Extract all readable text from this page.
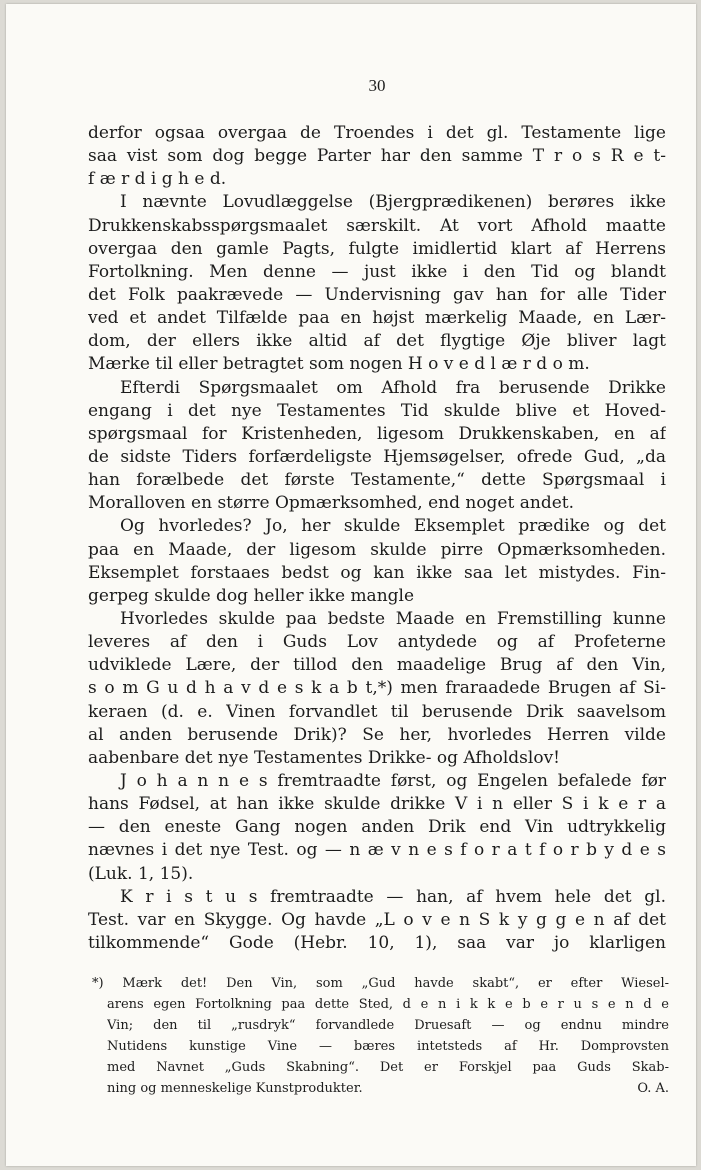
30
derfor ogsaa overgaa de Troendes i det gl. Testamente lige
saa vist som dog begge Parter har den samme T r o s R e t-
f æ r d i g h e d.
I nævnte Lovudlæggelse (Bjergprædikenen) berøres ikke
Drukkenskabsspørgsmaalet særskilt. At vort Afhold maatte
overgaa den gamle Pagts, fulgte imidlertid klart af Herrens
Fortolkning. Men denne — just ikke i den Tid og blandt
det Folk paakrævede — Undervisning gav han for alle Tider
ved et andet Tilfælde paa en højst mærkelig Maade, en Lær-
dom, der ellers ikke altid af det flygtige Øje bliver lagt
Mærke til eller betragtet som nogen H o v e d l æ r d o m.
Efterdi Spørgsmaalet om Afhold fra berusende Drikke
engang i det nye Testamentes Tid skulde blive et Hoved-
spørgsmaal for Kristenheden, ligesom Drukkenskaben, en af
de sidste Tiders forfærdeligste Hjemsøgelser, ofrede Gud, „da
han forælbede det første Testamente,“ dette Spørgsmaal i
Moralloven en større Opmærksomhed, end noget andet.
Og hvorledes? Jo, her skulde Eksemplet prædike og det
paa en Maade, der ligesom skulde pirre Opmærksomheden.
Eksemplet forstaaes bedst og kan ikke saa let mistydes. Fin-
gerpeg skulde dog heller ikke mangle
Hvorledes skulde paa bedste Maade en Fremstilling kunne
leveres af den i Guds Lov antydede og af Profeterne
udviklede Lære, der tillod den maadelige Brug af den Vin,
s o m G u d h a v d e s k a b t,*) men fraraadede Brugen af Si-
keraen (d. e. Vinen forvandlet til berusende Drik saavelsom
al anden berusende Drik)? Se her, hvorledes Herren vilde
aabenbare det nye Testamentes Drikke- og Afholdslov!
J o h a n n e s fremtraadte først, og Engelen befalede før
hans Fødsel, at han ikke skulde drikke V i n eller S i k e r a
— den eneste Gang nogen anden Drik end Vin udtrykkelig
nævnes i det nye Test. og — n æ v n e s f o r a t f o r b y d e s
(Luk. 1, 15).
K r i s t u s fremtraadte — han, af hvem hele det gl.
Test. var en Skygge. Og havde „L o v e n S k y g g e n af det
tilkommende“ Gode (Hebr. 10, 1), saa var jo klarligen
*) Mærk det! Den Vin, som „Gud havde skabt“, er efter Wiesel-
arens egen Fortolkning paa dette Sted, d e n i k k e b e r u s e n d e
Vin; den til „rusdryk“ forvandlede Druesaft — og endnu mindre
Nutidens kunstige Vine — bæres intetsteds af Hr. Domprovsten
med Navnet „Guds Skabning“. Det er Forskjel paa Guds Skab-
ning og menneskelige Kunstprodukter.	O. A.
